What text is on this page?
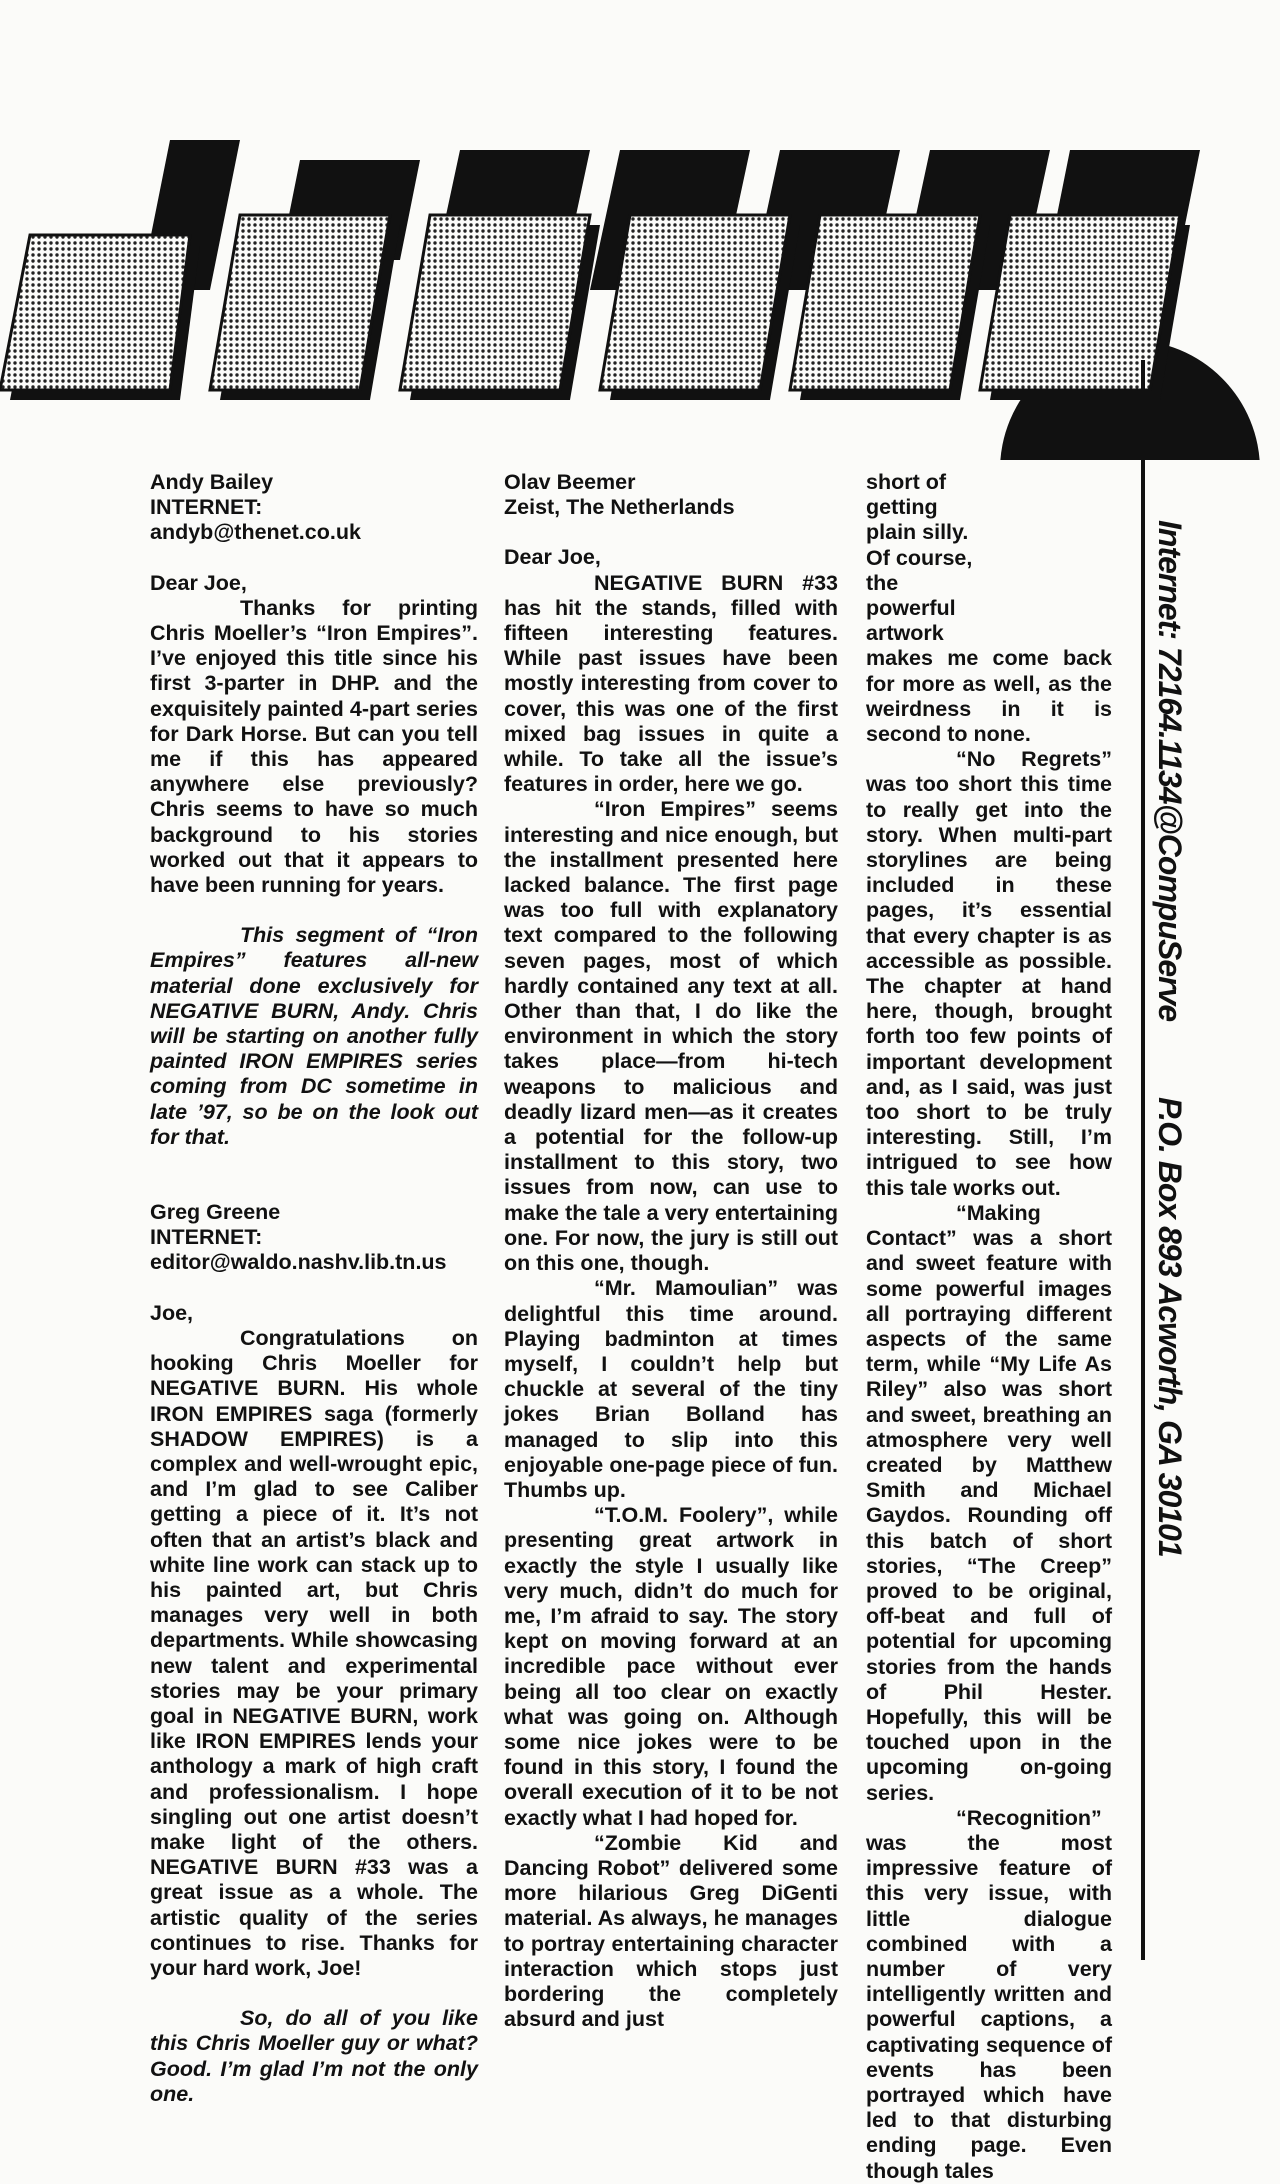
Internet: 72164.1134@CompuServe  P.O. Box 893 Acworth, GA 30101

Andy Bailey

INTERNET:

andyb@thenet.co.uk

Dear Joe,

Thanks for printing Chris Moeller’s “Iron Empires”. I’ve enjoyed this title since his first 3-parter in DHP. and the exquisitely painted 4-part series for Dark Horse. But can you tell me if this has appeared anywhere else previously? Chris seems to have so much background to his stories worked out that it appears to have been running for years.

This segment of “Iron Empires” features all-new material done exclusively for NEGATIVE BURN, Andy. Chris will be starting on another fully painted IRON EMPIRES series coming from DC sometime in late ’97, so be on the look out for that.

Greg Greene

INTERNET:

editor@waldo.nashv.lib.tn.us

Joe,

Congratulations on hooking Chris Moeller for NEGATIVE BURN. His whole IRON EMPIRES saga (formerly SHADOW EMPIRES) is a complex and well-wrought epic, and I’m glad to see Caliber getting a piece of it. It’s not often that an artist’s black and white line work can stack up to his painted art, but Chris manages very well in both departments. While showcasing new talent and experimental stories may be your primary goal in NEGATIVE BURN, work like IRON EMPIRES lends your anthology a mark of high craft and professionalism. I hope singling out one artist doesn’t make light of the others. NEGATIVE BURN #33 was a great issue as a whole. The artistic quality of the series continues to rise. Thanks for your hard work, Joe!

So, do all of you like this Chris Moeller guy or what? Good. I’m glad I’m not the only one.

Olav Beemer

Zeist, The Netherlands

Dear Joe,

NEGATIVE BURN #33 has hit the stands, filled with fifteen interesting features. While past issues have been mostly interesting from cover to cover, this was one of the first mixed bag issues in quite a while. To take all the issue’s features in order, here we go.

“Iron Empires” seems interesting and nice enough, but the installment presented here lacked balance. The first page was too full with explanatory text compared to the following seven pages, most of which hardly contained any text at all. Other than that, I do like the environment in which the story takes place—from hi-tech weapons to malicious and deadly lizard men—as it creates a potential for the follow-up installment to this story, two issues from now, can use to make the tale a very entertaining one. For now, the jury is still out on this one, though.

“Mr. Mamoulian” was delightful this time around. Playing badminton at times myself, I couldn’t help but chuckle at several of the tiny jokes Brian Bolland has managed to slip into this enjoyable one-page piece of fun. Thumbs up.

“T.O.M. Foolery”, while presenting great artwork in exactly the style I usually like very much, didn’t do much for me, I’m afraid to say. The story kept on moving forward at an incredible pace without ever being all too clear on exactly what was going on. Although some nice jokes were to be found in this story, I found the overall execution of it to be not exactly what I had hoped for.

“Zombie Kid and Dancing Robot” delivered some more hilarious Greg DiGenti material. As always, he manages to portray entertaining character interaction which stops just bordering the completely absurd and just

short of getting plain silly. Of course, the powerful artwork

makes me come back for more as well, as the weirdness in it is second to none.

“No Regrets” was too short this time to really get into the story. When multi-part storylines are being included in these pages, it’s essential that every chapter is as accessible as possible. The chapter at hand here, though, brought forth too few points of important development and, as I said, was just too short to be truly interesting. Still, I’m intrigued to see how this tale works out.

“Making Contact” was a short and sweet feature with some powerful images all portraying different aspects of the same term, while “My Life As Riley” also was short and sweet, breathing an atmosphere very well created by Matthew Smith and Michael Gaydos. Rounding off this batch of short stories, “The Creep” proved to be original, off-beat and full of potential for upcoming stories from the hands of Phil Hester. Hopefully, this will be touched upon in the upcoming on-going series.

“Recognition” was the most impressive feature of this very issue, with little dialogue combined with a number of very intelligently written and powerful captions, a captivating sequence of events has been portrayed which have led to that disturbing ending page. Even though tales
